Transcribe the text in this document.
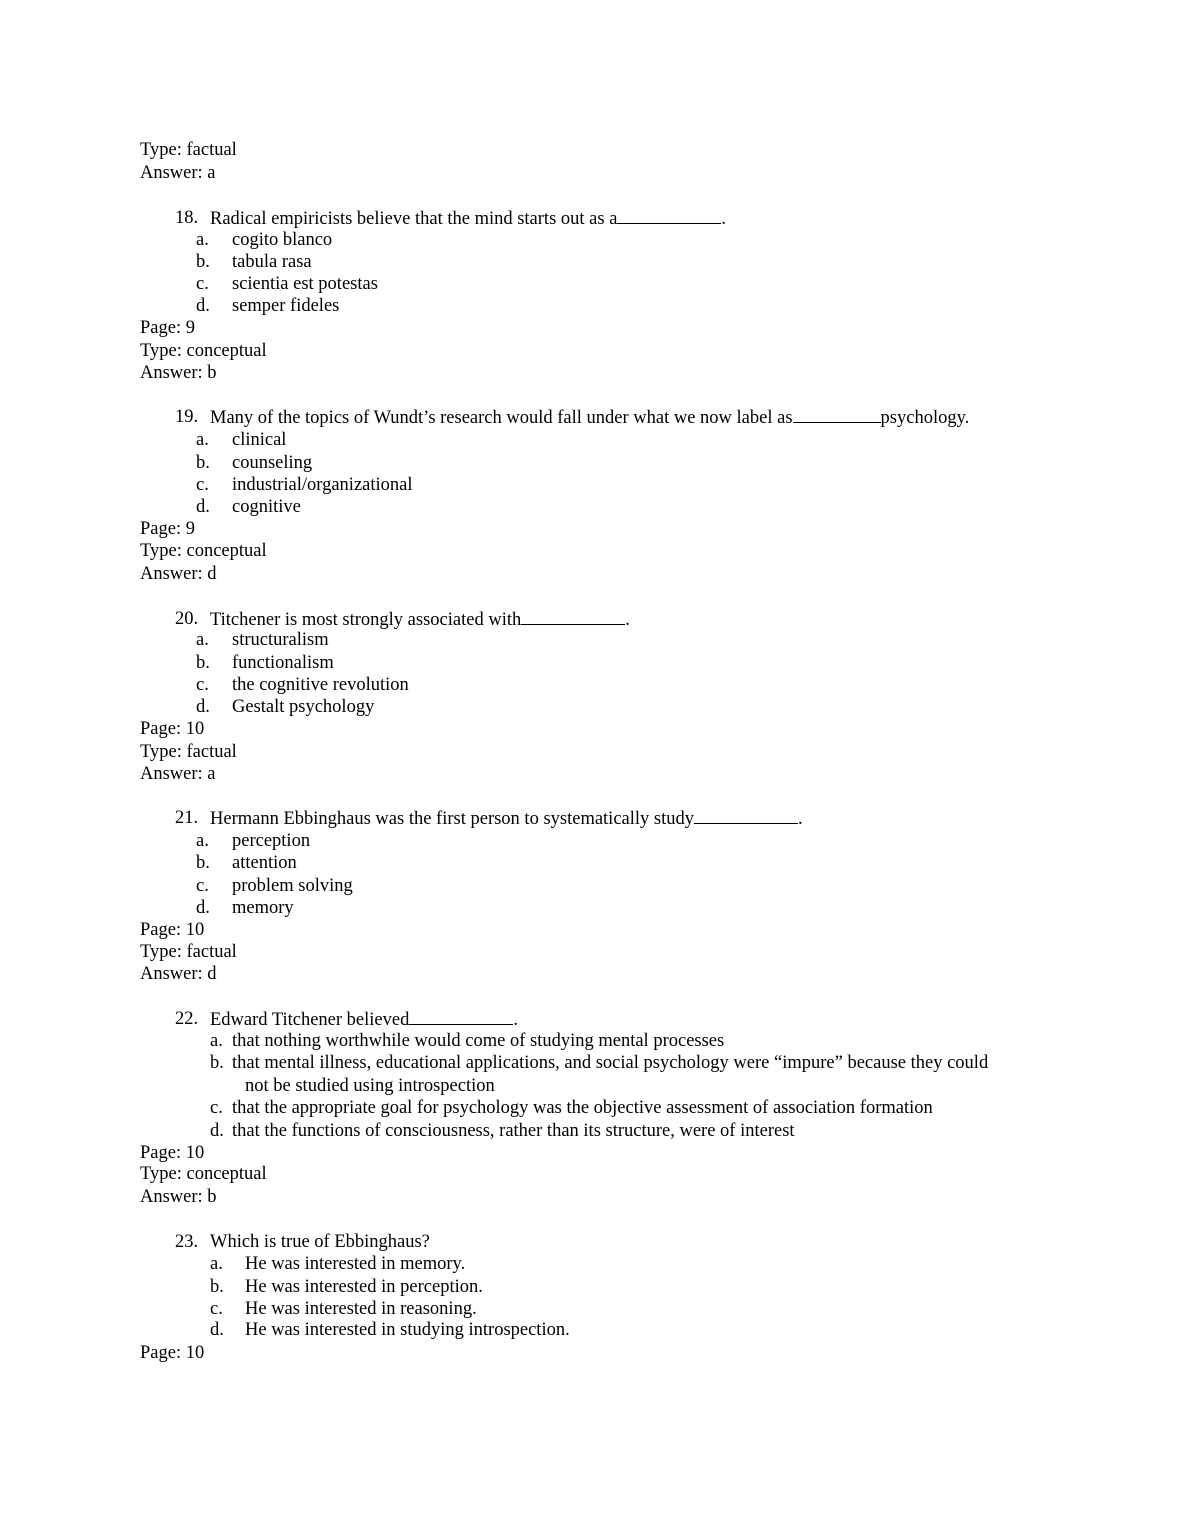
Type: factual
Answer: a
18. Radical empiricists believe that the mind starts out as a	.
a. cogito blanco
b. tabula rasa
c. scientia est potestas
d. semper fideles
Page: 9
Type: conceptual
Answer: b
19. Many of the topics of Wundt’s research would fall under what we now label as	psychology.
a. clinical
b. counseling
c. industrial/organizational
d. cognitive
Page: 9
Type: conceptual
Answer: d
20. Titchener is most strongly associated with	.
a. structuralism
b. functionalism
c. the cognitive revolution
d. Gestalt psychology
Page: 10
Type: factual
Answer: a
21. Hermann Ebbinghaus was the first person to systematically study	.
a. perception
b. attention
c. problem solving
d. memory
Page: 10
Type: factual
Answer: d
22. Edward Titchener believed	.
a. that nothing worthwhile would come of studying mental processes
b. that mental illness, educational applications, and social psychology were “impure” because they could
not be studied using introspection
c. that the appropriate goal for psychology was the objective assessment of association formation
d. that the functions of consciousness, rather than its structure, were of interest
Page: 10
Type: conceptual
Answer: b
23. Which is true of Ebbinghaus?
a. He was interested in memory.
b. He was interested in perception.
c. He was interested in reasoning.
d. He was interested in studying introspection.
Page: 10
